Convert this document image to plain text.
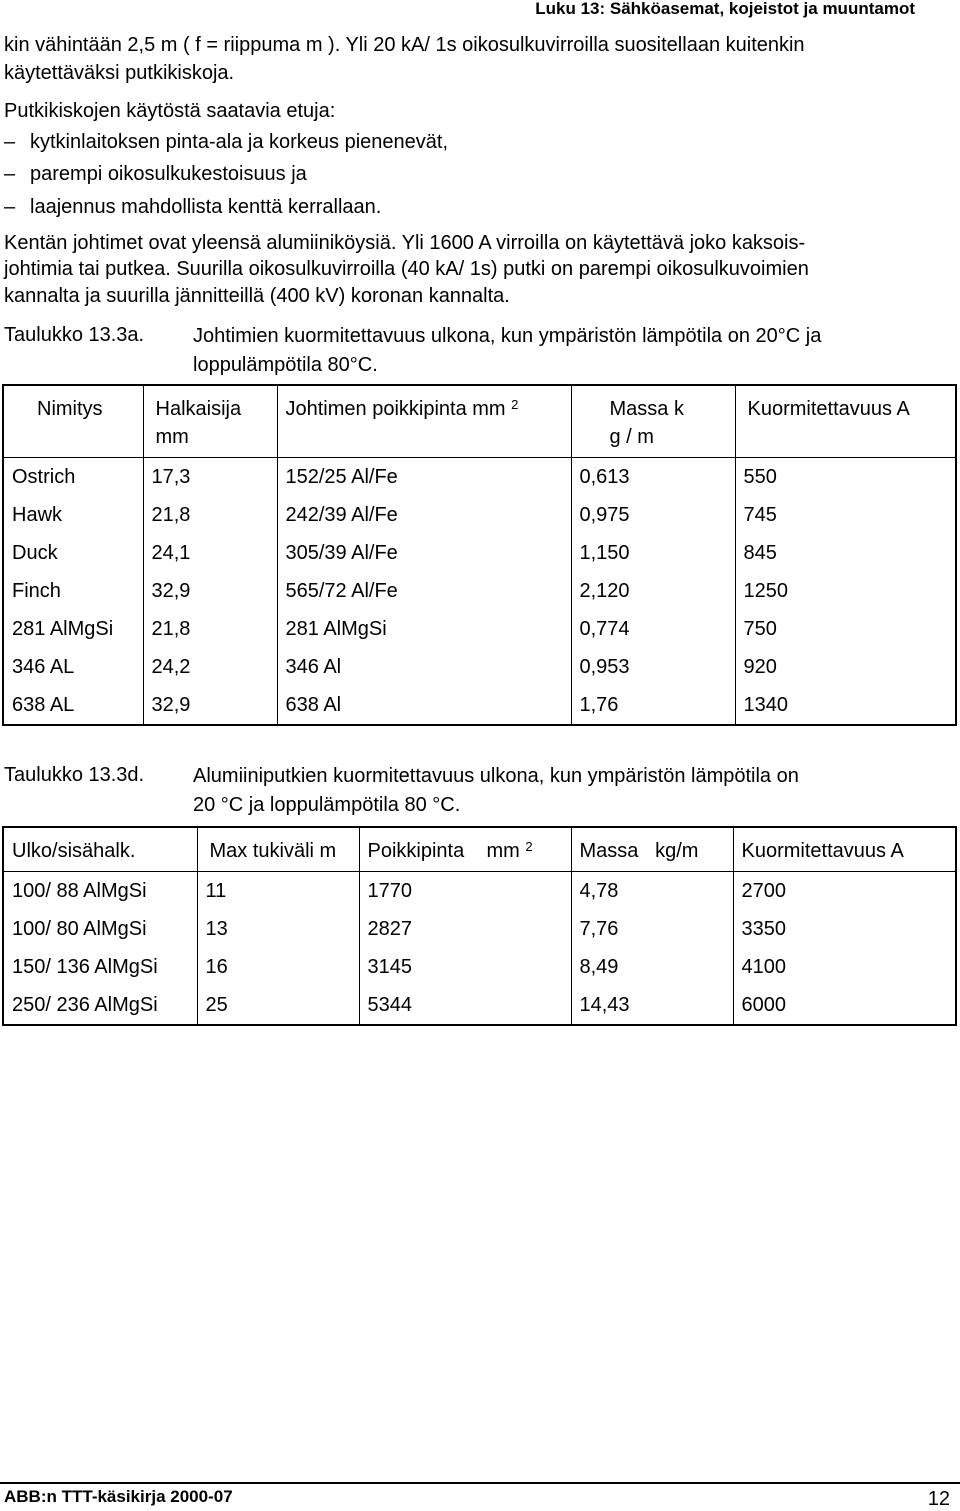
Luku 13: Sähköasemat, kojeistot ja muuntamot
kin vähintään 2,5 m ( f = riippuma m ). Yli 20 kA/ 1s oikosulkuvirroilla suositellaan kuitenkin
käytettäväksi putkikiskoja.
Putkikiskojen käytöstä saatavia etuja:
– kytkinlaitoksen pinta-ala ja korkeus pienenevät,
– parempi oikosulkukestoisuus ja
– laajennus mahdollista kenttä kerrallaan.
Kentän johtimet ovat yleensä alumiiniköysiä. Yli 1600 A virroilla on käytettävä joko kaksois-
johtimia tai putkea. Suurilla oikosulkuvirroilla (40 kA/ 1s) putki on parempi oikosulkuvoimien
kannalta ja suurilla jännitteillä (400 kV) koronan kannalta.
Taulukko 13.3a. Johtimien kuormitettavuus ulkona, kun ympäristön lämpötila on 20°C ja loppulämpötila 80°C.
Nimitys	Halkaisija mm	Johtimen poikkipinta mm $^2$	Massa k g / m	Kuormitettavuus A
Ostrich	17,3	152/25 Al/Fe	0,613	550
Hawk	21,8	242/39 Al/Fe	0,975	745
Duck	24,1	305/39 Al/Fe	1,150	845
Finch	32,9	565/72 Al/Fe	2,120	1250
281 AlMgSi	21,8	281 AlMgSi	0,774	750
346 AL	24,2	346 Al	0,953	920
638 AL	32,9	638 Al	1,76	1340
Taulukko 13.3d. Alumiiniputkien kuormitettavuus ulkona, kun ympäristön lämpötila on
20 °C ja loppulämpötila 80 °C.
Ulko/sisähalk.	Max tukiväli m	Poikkipinta    mm $^2$	Massa   kg/m	Kuormitettavuus A
100/ 88 AlMgSi	11	1770	4,78	2700
100/ 80 AlMgSi	13	2827	7,76	3350
150/ 136 AlMgSi	16	3145	8,49	4100
250/ 236 AlMgSi	25	5344	14,43	6000
ABB:n TTT-käsikirja 2000-07	12
